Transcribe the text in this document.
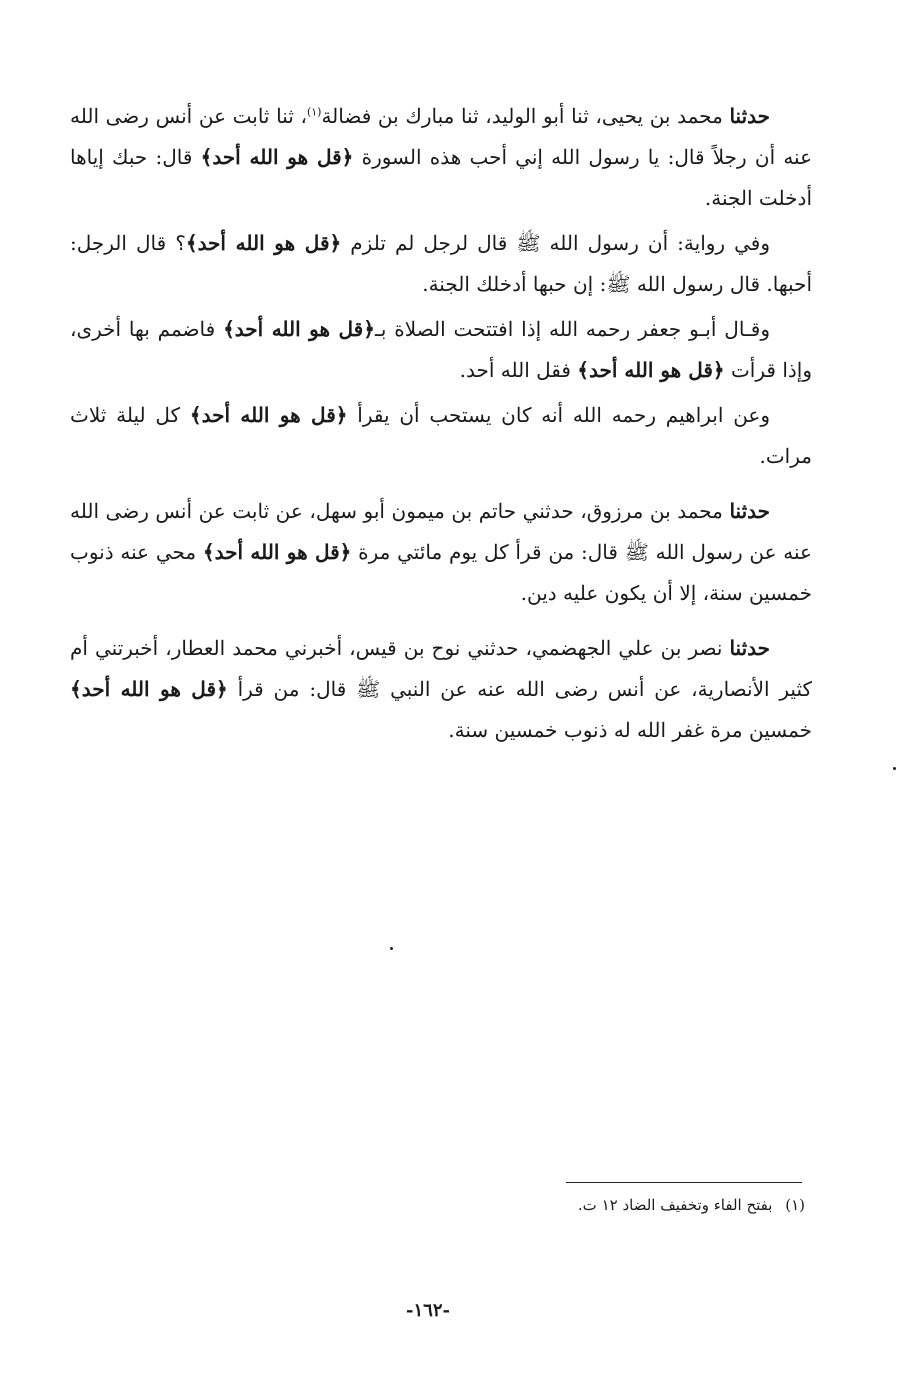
حدثنا محمد بن يحيى، ثنا أبو الوليد، ثنا مبارك بن فضالة$^{(١)}$، ثنا ثابت عن أنس رضى الله عنه أن رجلاً قال: يا رسول الله إني أحب هذه السورة ﴿قل هو الله أحد﴾ قال: حبك إياها أدخلت الجنة.

وفي رواية: أن رسول الله ﷺ قال لرجل لم تلزم ﴿قل هو الله أحد﴾؟ قال الرجل: أحبها. قال رسول الله ﷺ: إن حبها أدخلك الجنة.

وقـال أبـو جعفر رحمه الله إذا افتتحت الصلاة بـ﴿قل هو الله أحد﴾ فاضمم بها أخرى، وإذا قرأت ﴿قل هو الله أحد﴾ فقل الله أحد.

وعن ابراهيم رحمه الله أنه كان يستحب أن يقرأ ﴿قل هو الله أحد﴾ كل ليلة ثلاث مرات.

حدثنا محمد بن مرزوق، حدثني حاتم بن ميمون أبو سهل، عن ثابت عن أنس رضى الله عنه عن رسول الله ﷺ قال: من قرأ كل يوم مائتي مرة ﴿قل هو الله أحد﴾ محي عنه ذنوب خمسين سنة، إلا أن يكون عليه دين.

حدثنا نصر بن علي الجهضمي، حدثني نوح بن قيس، أخبرني محمد العطار، أخبرتني أم كثير الأنصارية، عن أنس رضى الله عنه عن النبي ﷺ قال: من قرأ ﴿قل هو الله أحد﴾ خمسين مرة غفر الله له ذنوب خمسين سنة.

(١) بفتح الفاء وتخفيف الضاد ١٢ ت.
-١٦٢-
